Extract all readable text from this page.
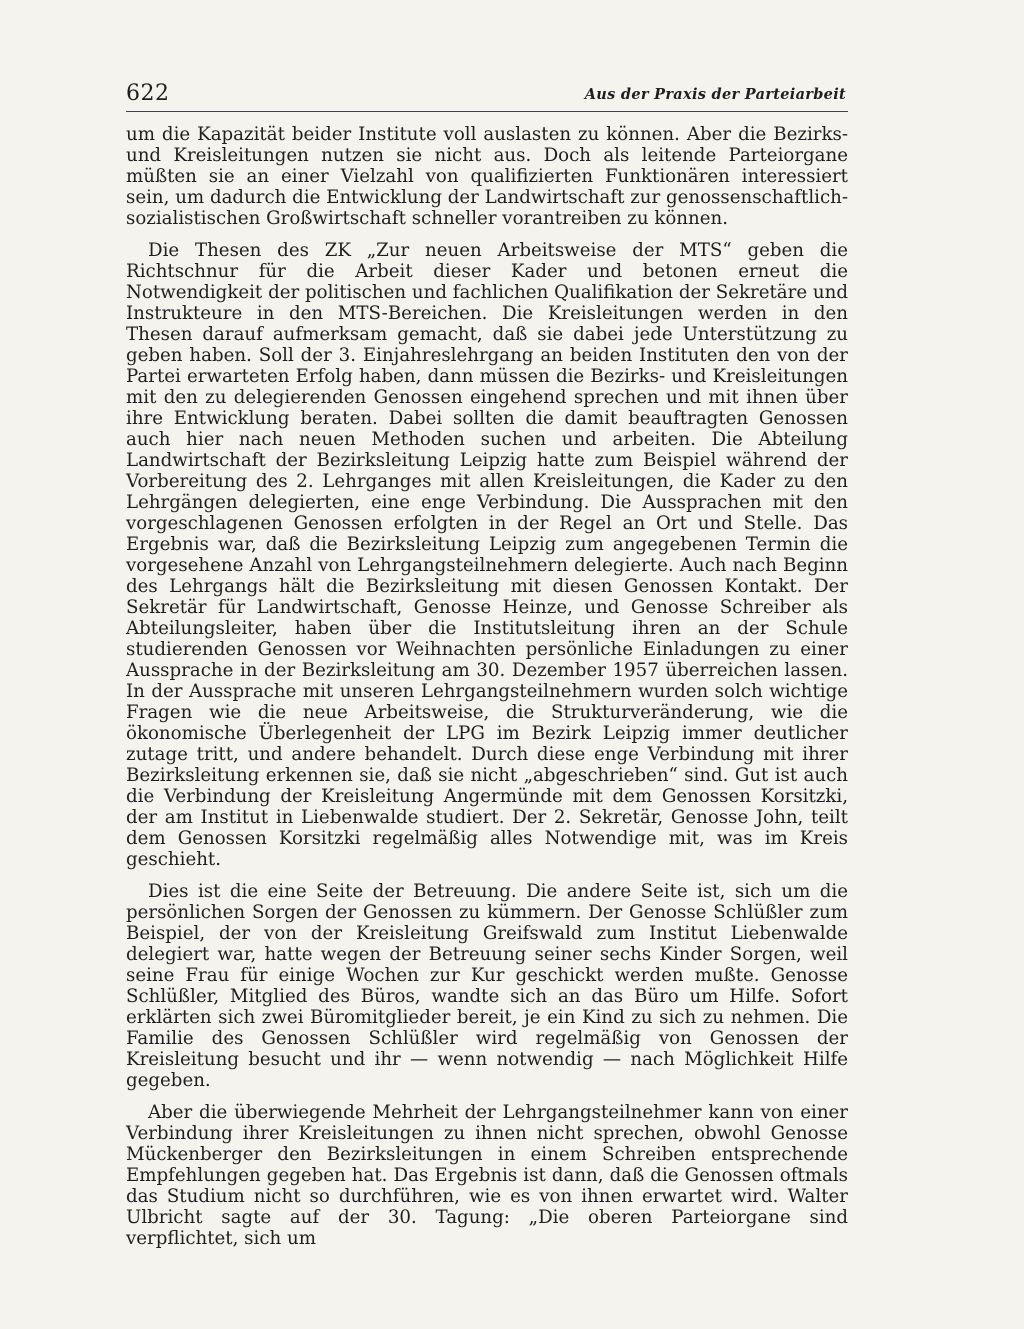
622	Aus der Praxis der Parteiarbeit

um die Kapazität beider Institute voll auslasten zu können. Aber die Bezirks- und Kreisleitungen nutzen sie nicht aus. Doch als leitende Parteiorgane müßten sie an einer Vielzahl von qualifizierten Funktionären interessiert sein, um dadurch die Entwicklung der Landwirtschaft zur genossenschaftlich-sozialistischen Großwirtschaft schneller vorantreiben zu können.

Die Thesen des ZK „Zur neuen Arbeitsweise der MTS“ geben die Richtschnur für die Arbeit dieser Kader und betonen erneut die Notwendigkeit der politischen und fachlichen Qualifikation der Sekretäre und Instrukteure in den MTS-Bereichen. Die Kreisleitungen werden in den Thesen darauf aufmerksam gemacht, daß sie dabei jede Unterstützung zu geben haben. Soll der 3. Einjahreslehrgang an beiden Instituten den von der Partei erwarteten Erfolg haben, dann müssen die Bezirks- und Kreisleitungen mit den zu delegierenden Genossen eingehend sprechen und mit ihnen über ihre Entwicklung beraten. Dabei sollten die damit beauftragten Genossen auch hier nach neuen Methoden suchen und arbeiten. Die Abteilung Landwirtschaft der Bezirksleitung Leipzig hatte zum Beispiel während der Vorbereitung des 2. Lehrganges mit allen Kreisleitungen, die Kader zu den Lehrgängen delegierten, eine enge Verbindung. Die Aussprachen mit den vorgeschlagenen Genossen erfolgten in der Regel an Ort und Stelle. Das Ergebnis war, daß die Bezirksleitung Leipzig zum angegebenen Termin die vorgesehene Anzahl von Lehrgangsteilnehmern delegierte. Auch nach Beginn des Lehrgangs hält die Bezirksleitung mit diesen Genossen Kontakt. Der Sekretär für Landwirtschaft, Genosse Heinze, und Genosse Schreiber als Abteilungsleiter, haben über die Institutsleitung ihren an der Schule studierenden Genossen vor Weihnachten persönliche Einladungen zu einer Aussprache in der Bezirksleitung am 30. Dezember 1957 überreichen lassen. In der Aussprache mit unseren Lehrgangsteilnehmern wurden solch wichtige Fragen wie die neue Arbeitsweise, die Strukturveränderung, wie die ökonomische Überlegenheit der LPG im Bezirk Leipzig immer deutlicher zutage tritt, und andere behandelt. Durch diese enge Verbindung mit ihrer Bezirksleitung erkennen sie, daß sie nicht „abgeschrieben“ sind. Gut ist auch die Verbindung der Kreisleitung Angermünde mit dem Genossen Korsitzki, der am Institut in Liebenwalde studiert. Der 2. Sekretär, Genosse John, teilt dem Genossen Korsitzki regelmäßig alles Notwendige mit, was im Kreis geschieht.

Dies ist die eine Seite der Betreuung. Die andere Seite ist, sich um die persönlichen Sorgen der Genossen zu kümmern. Der Genosse Schlüßler zum Beispiel, der von der Kreisleitung Greifswald zum Institut Liebenwalde delegiert war, hatte wegen der Betreuung seiner sechs Kinder Sorgen, weil seine Frau für einige Wochen zur Kur geschickt werden mußte. Genosse Schlüßler, Mitglied des Büros, wandte sich an das Büro um Hilfe. Sofort erklärten sich zwei Büromitglieder bereit, je ein Kind zu sich zu nehmen. Die Familie des Genossen Schlüßler wird regelmäßig von Genossen der Kreisleitung besucht und ihr — wenn notwendig — nach Möglichkeit Hilfe gegeben.

Aber die überwiegende Mehrheit der Lehrgangsteilnehmer kann von einer Verbindung ihrer Kreisleitungen zu ihnen nicht sprechen, obwohl Genosse Mückenberger den Bezirksleitungen in einem Schreiben entsprechende Empfehlungen gegeben hat. Das Ergebnis ist dann, daß die Genossen oftmals das Studium nicht so durchführen, wie es von ihnen erwartet wird. Walter Ulbricht sagte auf der 30. Tagung: „Die oberen Parteiorgane sind verpflichtet, sich um
